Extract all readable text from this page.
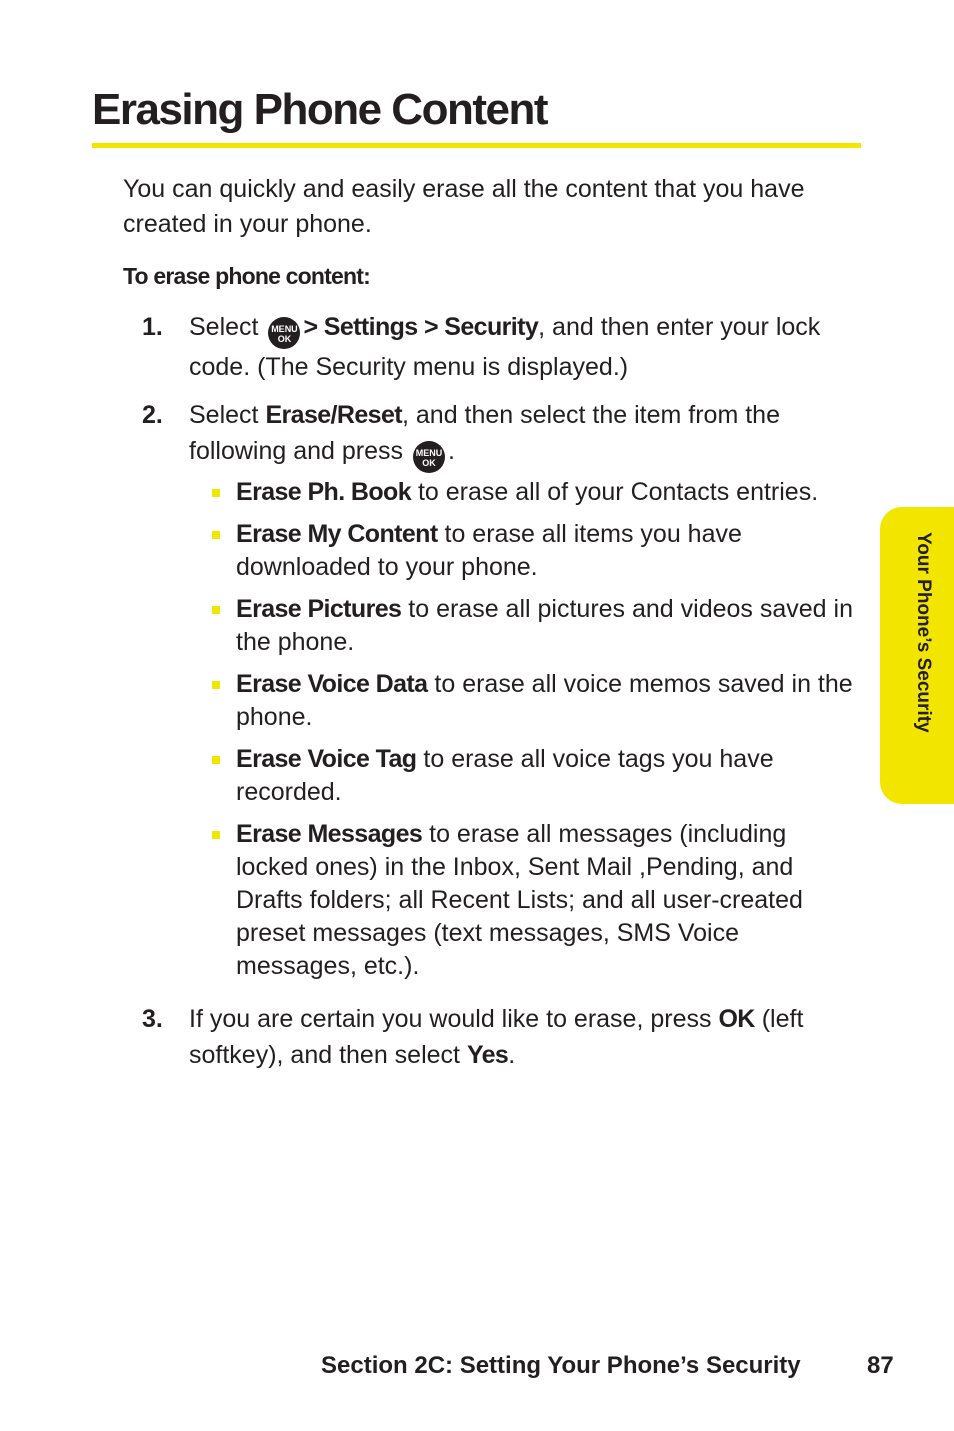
Erasing Phone Content

You can quickly and easily erase all the content that you have created in your phone.

To erase phone content:

1. Select MENU
OK > Settings > Security, and then enter your lock code. (The Security menu is displayed.)
2. Select Erase/Reset, and then select the item from the following and press MENU
OK .
Erase Ph. Book to erase all of your Contacts entries.
Erase My Content to erase all items you have downloaded to your phone.
Erase Pictures to erase all pictures and videos saved in the phone.
Erase Voice Data to erase all voice memos saved in the phone.
Erase Voice Tag to erase all voice tags you have recorded.
Erase Messages to erase all messages (including locked ones) in the Inbox, Sent Mail ,Pending, and Drafts folders; all Recent Lists; and all user-created preset messages (text messages, SMS Voice messages, etc.).
3. If you are certain you would like to erase, press OK (left softkey), and then select Yes.
Your Phone’s Security
Section 2C: Setting Your Phone’s Security	87
